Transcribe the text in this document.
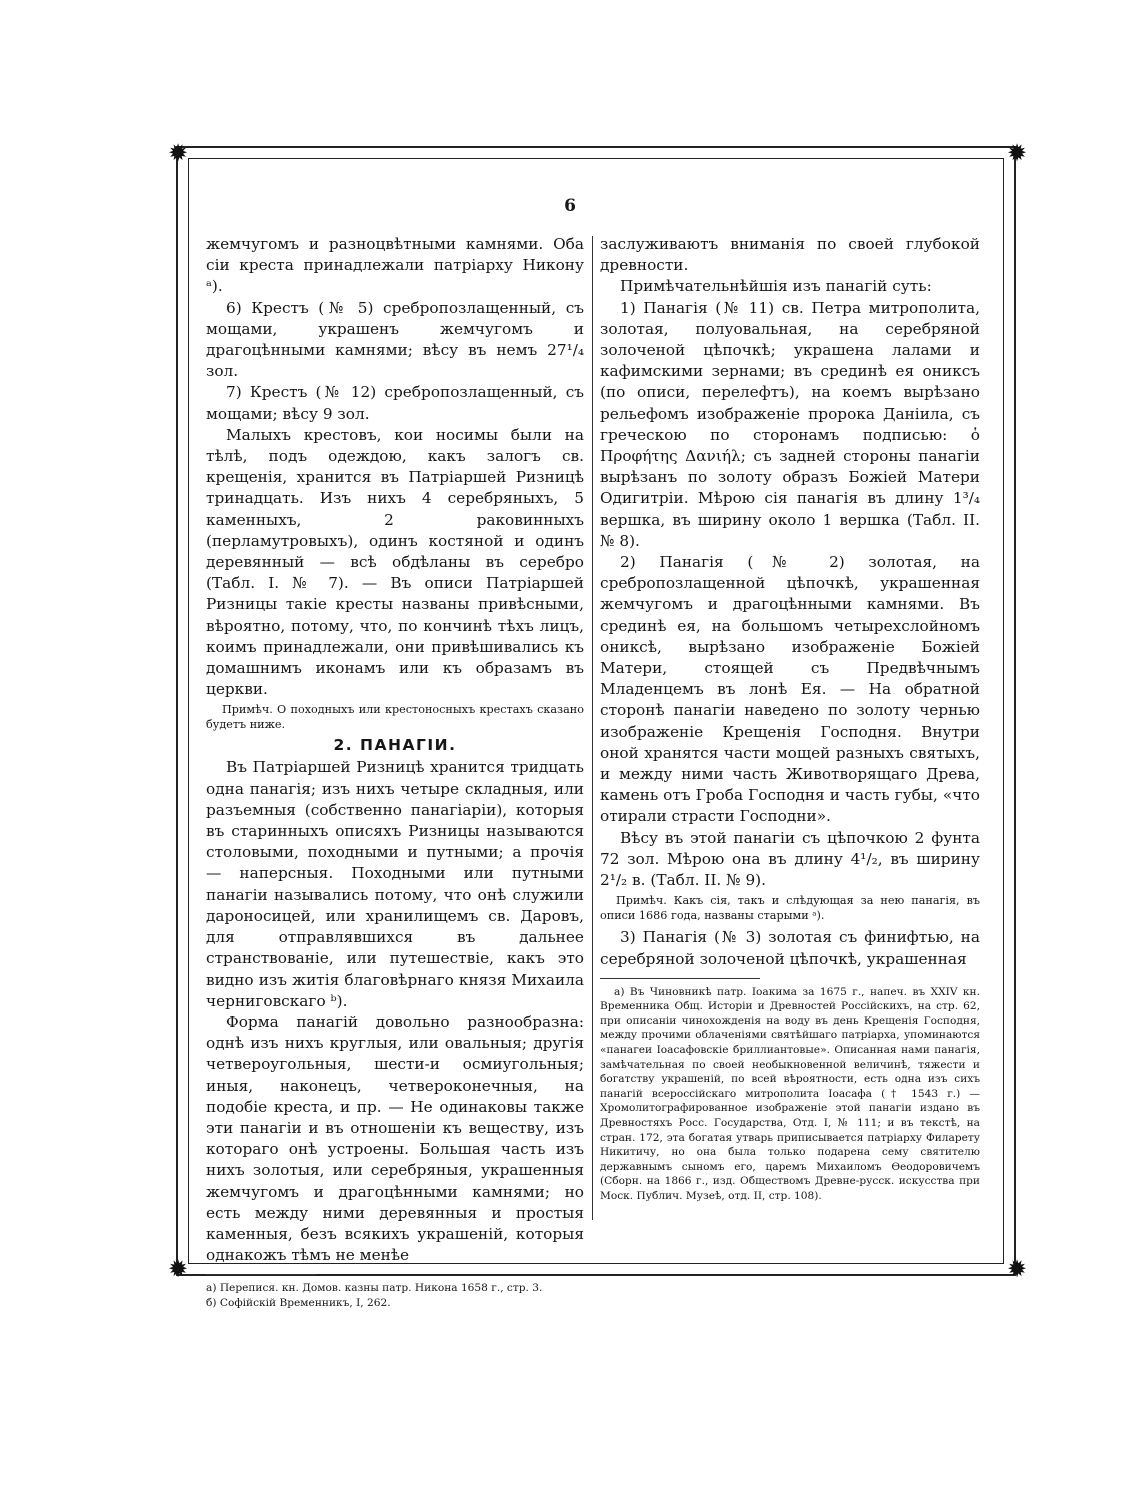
✹	✹
✹	✹
6

жемчугомъ и разноцвѣтными камнями. Оба сіи креста принадлежали патріарху Никону ᵃ).

6) Крестъ (№ 5) сребропозлащенный, съ мощами, украшенъ жемчугомъ и драгоцѣнными камнями; вѣсу въ немъ 27¹/₄ зол.

7) Крестъ (№ 12) сребропозлащенный, съ мощами; вѣсу 9 зол.

Малыхъ крестовъ, кои носимы были на тѣлѣ, подъ одеждою, какъ залогъ св. крещенія, хранится въ Патріаршей Ризницѣ тринадцать. Изъ нихъ 4 серебряныхъ, 5 каменныхъ, 2 раковинныхъ (перламутровыхъ), одинъ костяной и одинъ деревянный — всѣ обдѣланы въ серебро (Табл. I. № 7). — Въ описи Патріаршей Ризницы такіе кресты названы привѣсными, вѣроятно, потому, что, по кончинѣ тѣхъ лицъ, коимъ принадлежали, они привѣшивались къ домашнимъ иконамъ или къ образамъ въ церкви.

Примѣч. О походныхъ или креcтоносныхъ крестахъ сказано будетъ ниже.

2. ПАНАГІИ.

Въ Патріаршей Ризницѣ хранится тридцать одна панагія; изъ нихъ четыре складныя, или разъемныя (собственно панагіаріи), которыя въ старинныхъ описяхъ Ризницы называются столовыми, походными и путными; а прочія — наперсныя. Походными или путными панагіи назывались потому, что онѣ служили дароносицей, или хранилищемъ св. Даровъ, для отправлявшихся въ дальнее странствованіе, или путешествіе, какъ это видно изъ житія благовѣрнаго князя Михаила черниговскаго ᵇ).

Форма панагій довольно разнообразна: однѣ изъ нихъ круглыя, или овальныя; другія четвероугольныя, шести-и осмиугольныя; иныя, наконецъ, четвероконечныя, на подобіе креста, и пр. — Не одинаковы также эти панагіи и въ отношеніи къ веществу, изъ котораго онѣ устроены. Большая часть изъ нихъ золотыя, или серебряныя, украшенныя жемчугомъ и драгоцѣнными камнями; но есть между ними деревянныя и простыя каменныя, безъ всякихъ украшеній, которыя однакожъ тѣмъ не менѣе

а) Перепися. кн. Домов. казны патр. Никона 1658 г., стр. 3.

б) Софійскій Временникъ, I, 262.

заслуживаютъ вниманія по своей глубокой древности.

Примѣчательнѣйшія изъ панагій суть:

1) Панагія (№ 11) св. Петра митрополита, золотая, полуовальная, на серебряной золоченой цѣпочкѣ; украшена лалами и кафимскими зернами; въ срединѣ ея ониксъ (по описи, перелефтъ), на коемъ вырѣзано рельефомъ изображеніе пророка Даніила, съ греческою по сторонамъ подписью: ὁ Προφήτης Δανιήλ; съ задней стороны панагіи вырѣзанъ по золоту образъ Божіей Матери Одигитріи. Мѣрою сія панагія въ длину 1³/₄ вершка, въ ширину около 1 вершка (Табл. II. № 8).

2) Панагія (№ 2) золотая, на сребропозлащенной цѣпочкѣ, украшенная жемчугомъ и драгоцѣнными камнями. Въ срединѣ ея, на большомъ четырехслойномъ ониксѣ, вырѣзано изображеніе Божіей Матери, стоящей съ Предвѣчнымъ Младенцемъ въ лонѣ Ея. — На обратной сторонѣ панагіи наведено по золоту чернью изображеніе Крещенія Господня. Внутри оной хранятся части мощей разныхъ святыхъ, и между ними часть Животворящаго Древа, камень отъ Гроба Господня и часть губы, «что отирали страсти Господни».

Вѣсу въ этой панагіи съ цѣпочкою 2 фунта 72 зол. Мѣрою она въ длину 4¹/₂, въ ширину 2¹/₂ в. (Табл. II. № 9).

Примѣч. Какъ сія, такъ и слѣдующая за нею панагія, въ описи 1686 года, названы старыми ᵃ).

3) Панагія (№ 3) золотая съ финифтью, на серебряной золоченой цѣпочкѣ, украшенная

а) Въ Чиновникѣ патр. Іоакима за 1675 г., напеч. въ XXIV кн. Временника Общ. Исторіи и Древностей Россійскихъ, на стр. 62, при описаніи чинохожденія на воду въ день Крещенія Господня, между прочими облаченіями святѣйшаго патріарха, упоминаются «панагеи Іоасафовскіе бриллиантовые». Описанная нами панагія, замѣчательная по своей необыкновенной величинѣ, тяжести и богатству украшеній, по всей вѣроятности, есть одна изъ сихъ панагій всероссійскаго митрополита Іоасафа († 1543 г.) — Хромолитографированное изображеніе этой панагіи издано въ Древностяхъ Росс. Государства, Отд. I, № 111; и въ текстѣ, на стран. 172, эта богатая утварь приписывается патріарху Филарету Никитичу, но она была только подарена сему святителю державнымъ сыномъ его, царемъ Михаиломъ Ѳеодоровичемъ (Сборн. на 1866 г., изд. Обществомъ Древне-русск. искусства при Моск. Публич. Музеѣ, отд. II, стр. 108).
